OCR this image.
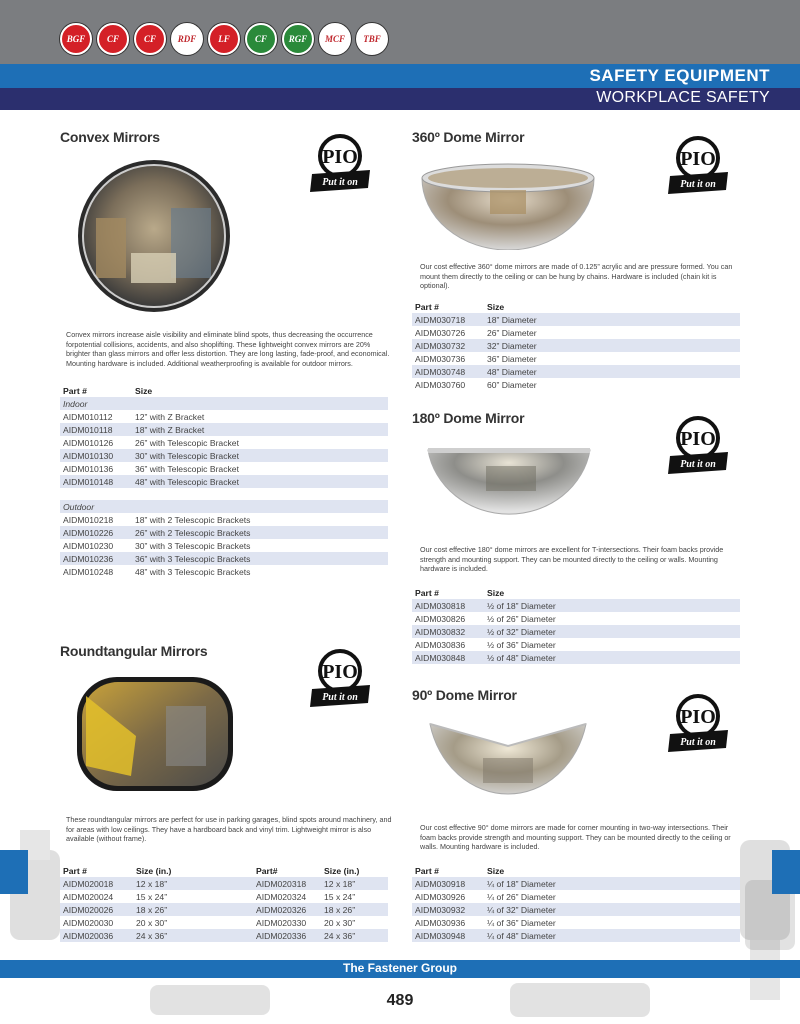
BGF	CF	CF	RDF	LF	CF	RGF	MCF	TBF
SAFETY EQUIPMENT
WORKPLACE SAFETY
Convex Mirrors
PIO
Put it on
Convex mirrors increase aisle visibility and eliminate blind spots, thus decreasing the occurrence forpotential collisions, accidents, and also shoplifting. These lightweight convex mirrors are 20% brighter than glass mirrors and offer less distortion. They are long lasting, fade-proof, and economical. Mounting hardware is included. Additional weatherproofing is available for outdoor mirrors.
Part #	Size
Indoor
AIDM010112	12” with Z Bracket
AIDM010118	18” with Z Bracket
AIDM010126	26” with Telescopic Bracket
AIDM010130	30” with Telescopic Bracket
AIDM010136	36” with Telescopic Bracket
AIDM010148	48” with Telescopic Bracket
Outdoor
AIDM010218	18” with 2 Telescopic Brackets
AIDM010226	26” with 2 Telescopic Brackets
AIDM010230	30” with 3 Telescopic Brackets
AIDM010236	36” with 3 Telescopic Brackets
AIDM010248	48” with 3 Telescopic Brackets
Roundtangular Mirrors
PIO
Put it on
These roundtangular mirrors are perfect for use in parking garages, blind spots around machinery, and for areas with low ceilings. They have a hardboard back and vinyl trim. Lightweight mirror is also available (without frame).
Part #	Size (in.)	Part#	Size (in.)
AIDM020018	12 x 18”	AIDM020318	12 x 18”
AIDM020024	15 x 24”	AIDM020324	15 x 24”
AIDM020026	18 x 26”	AIDM020326	18 x 26”
AIDM020030	20 x 30”	AIDM020330	20 x 30”
AIDM020036	24 x 36”	AIDM020336	24 x 36”
360º Dome Mirror
PIO
Put it on
Our cost effective 360° dome mirrors are made of 0.125” acrylic and are pressure formed. You can mount them directly to the ceiling or can be hung by chains. Hardware is included (chain kit is optional).
Part #	Size
AIDM030718	18” Diameter
AIDM030726	26” Diameter
AIDM030732	32” Diameter
AIDM030736	36” Diameter
AIDM030748	48” Diameter
AIDM030760	60” Diameter
180º Dome Mirror
PIO
Put it on
Our cost effective 180° dome mirrors are excellent for T-intersections. Their foam backs provide strength and mounting support. They can be mounted directly to the ceiling or walls. Mounting hardware is included.
Part #	Size
AIDM030818	½ of 18” Diameter
AIDM030826	½ of 26” Diameter
AIDM030832	½ of 32” Diameter
AIDM030836	½ of 36” Diameter
AIDM030848	½ of 48” Diameter
90º Dome Mirror
PIO
Put it on
Our cost effective 90° dome mirrors are made for corner mounting in two-way intersections. Their foam backs provide strength and mounting support. They can be mounted directly to the ceiling or walls. Mounting hardware is included.
Part #	Size
AIDM030918	¼ of 18” Diameter
AIDM030926	¼ of 26” Diameter
AIDM030932	¼ of 32” Diameter
AIDM030936	¼ of 36” Diameter
AIDM030948	¼ of 48” Diameter
The Fastener Group
489
